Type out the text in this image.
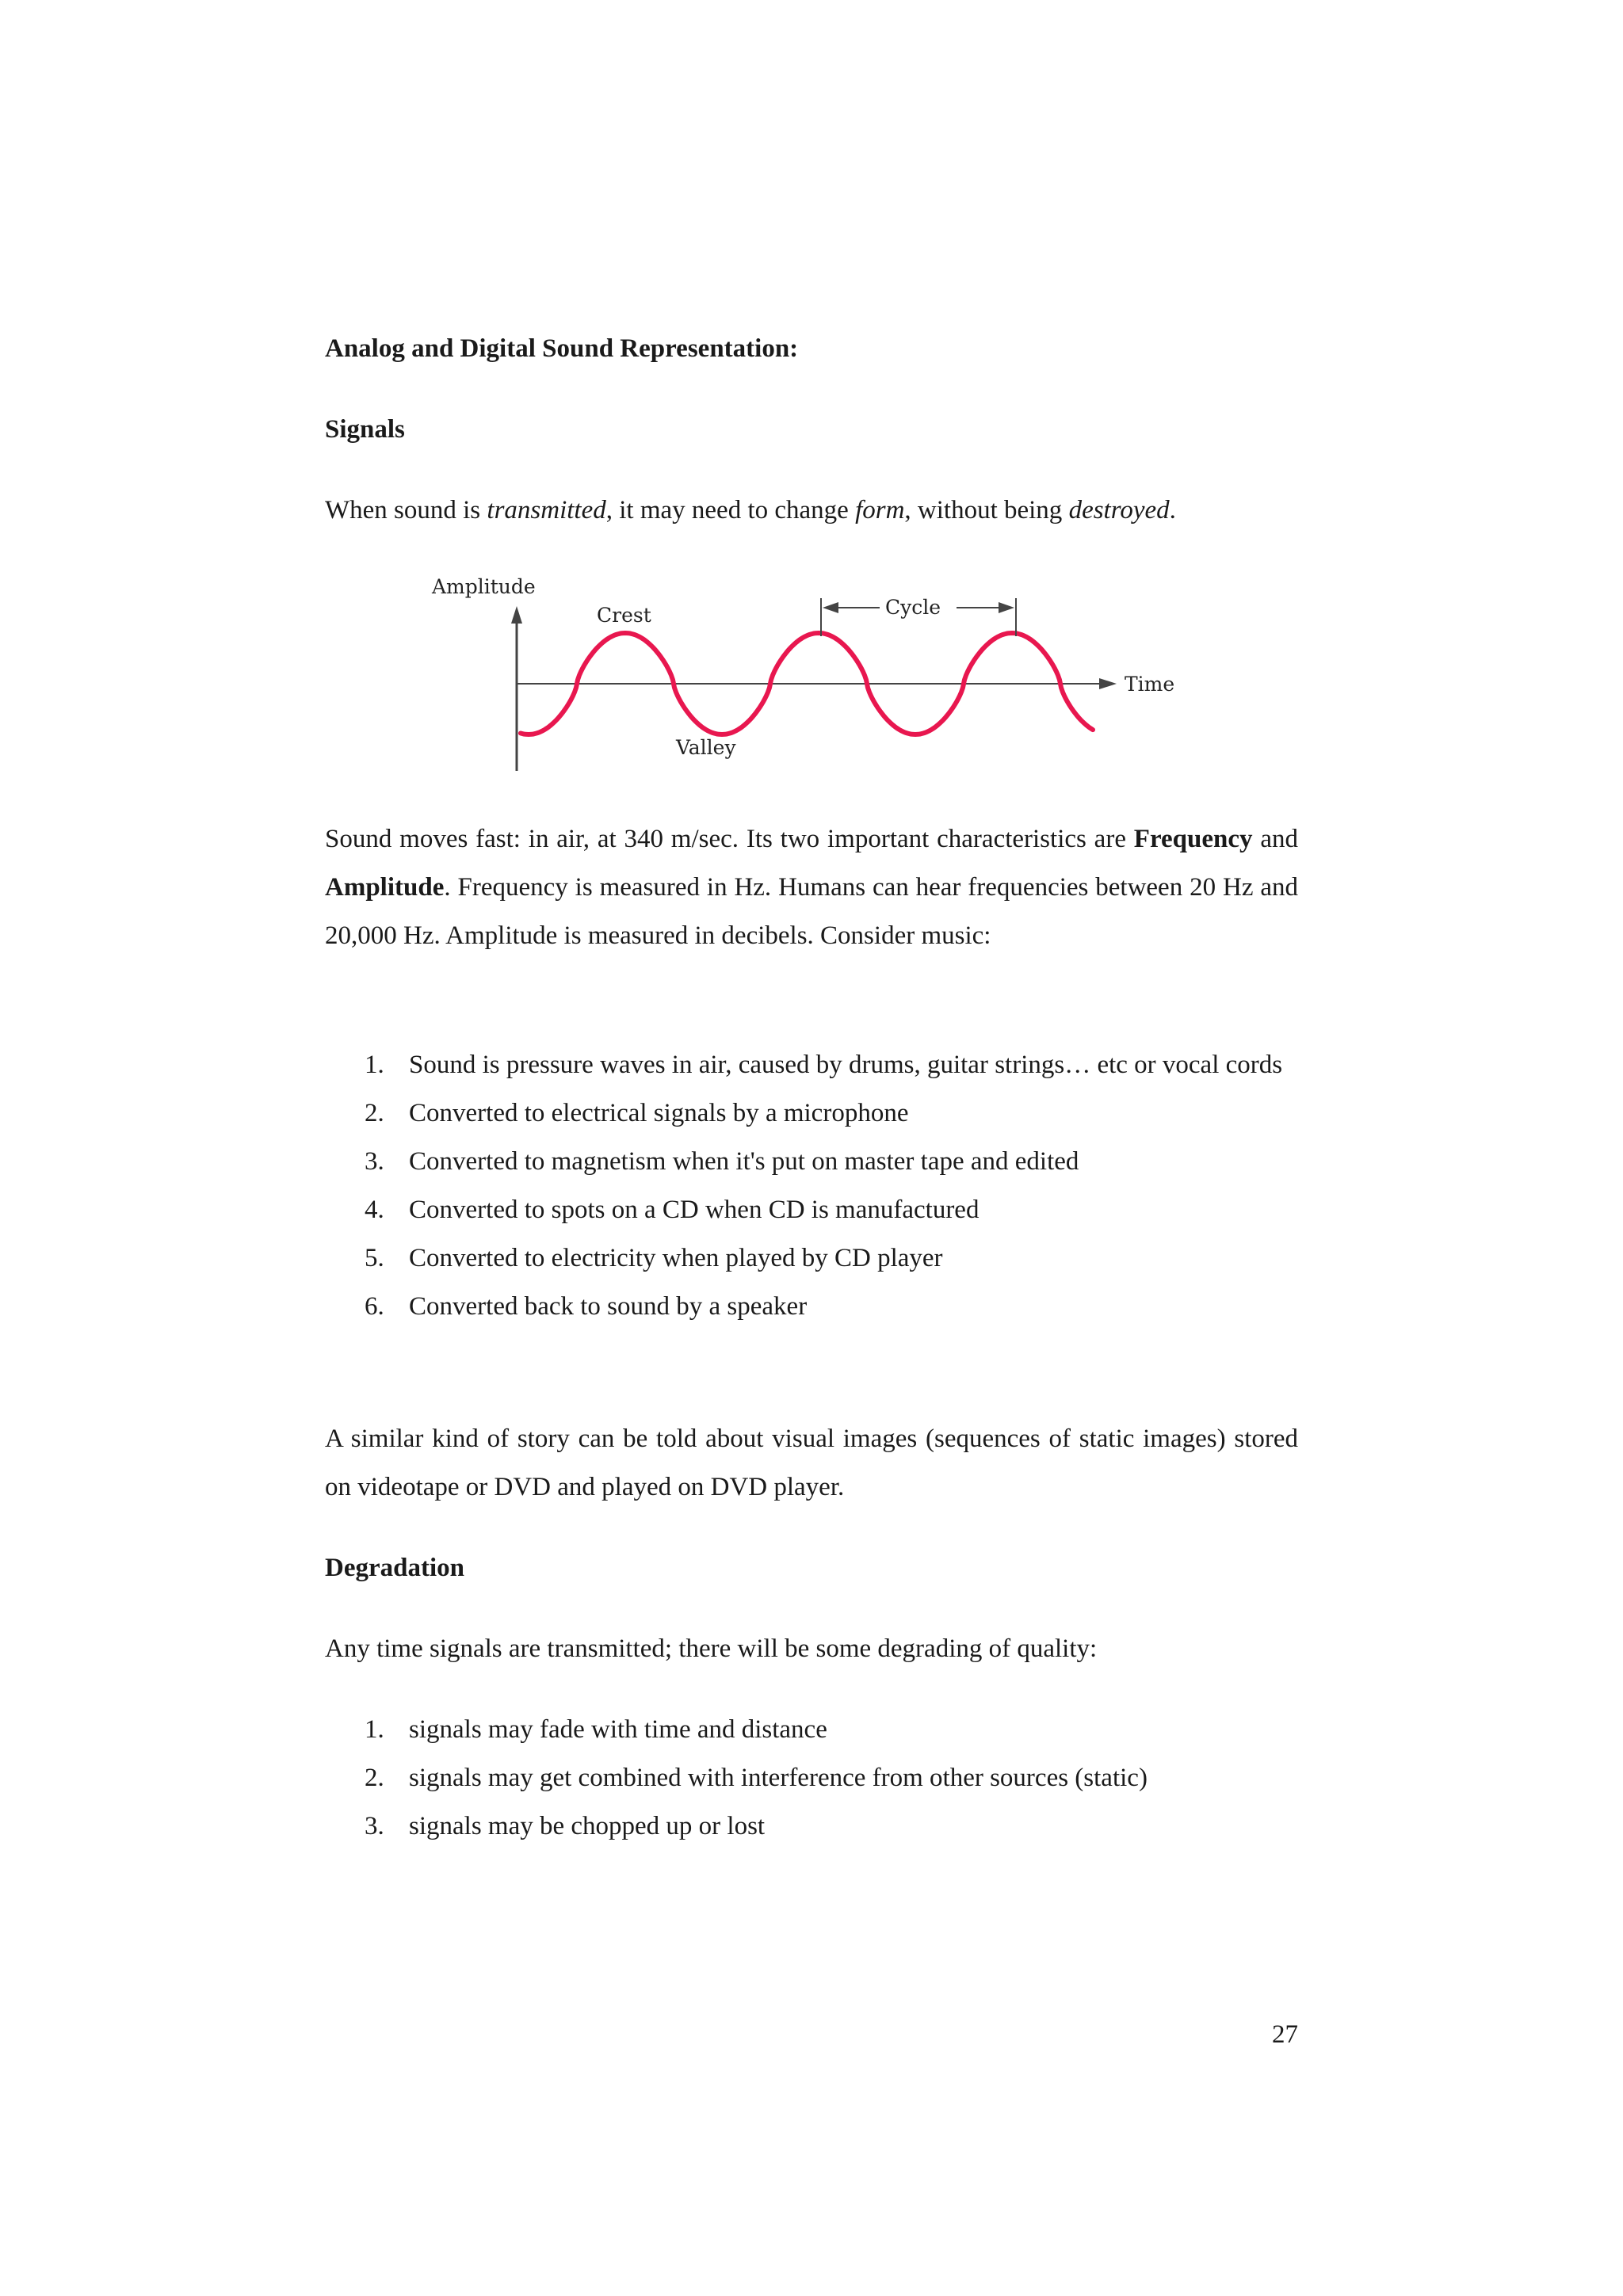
Analog and Digital Sound Representation:
Signals
When sound is transmitted, it may need to change form, without being destroyed.
Amplitude
Crest	Cycle
Time
Valley
Sound moves fast: in air, at 340 m/sec. Its two important characteristics are Frequency and Amplitude. Frequency is measured in Hz. Humans can hear frequencies between 20 Hz and 20,000 Hz. Amplitude is measured in decibels. Consider music:
1. Sound is pressure waves in air, caused by drums, guitar strings… etc or vocal cords
2. Converted to electrical signals by a microphone
3. Converted to magnetism when it's put on master tape and edited
4. Converted to spots on a CD when CD is manufactured
5. Converted to electricity when played by CD player
6. Converted back to sound by a speaker
A similar kind of story can be told about visual images (sequences of static images) stored on videotape or DVD and played on DVD player.
Degradation
Any time signals are transmitted; there will be some degrading of quality:
1. signals may fade with time and distance
2. signals may get combined with interference from other sources (static)
3. signals may be chopped up or lost
27
